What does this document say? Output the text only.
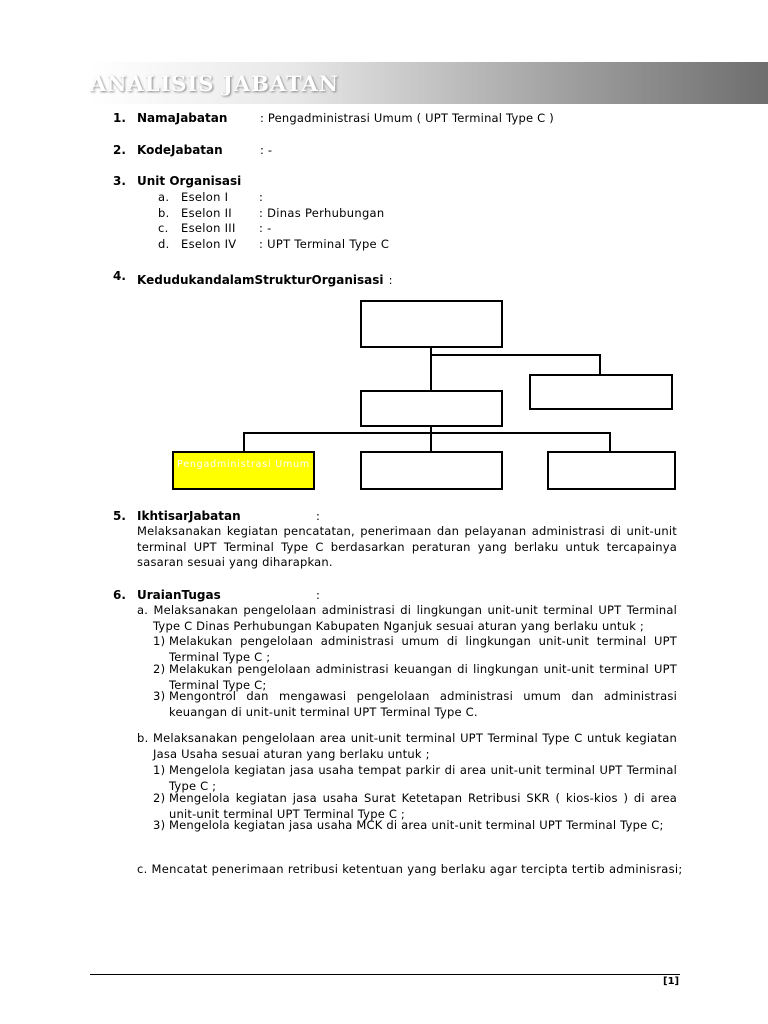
ANALISIS JABATAN
1. NamaJabatan	: Pengadministrasi Umum ( UPT Terminal Type C )
2. KodeJabatan	: -
3. Unit Organisasi
a. Eselon I	:
b. Eselon II : Dinas Perhubungan
c. Eselon III : -
d. Eselon IV : UPT Terminal Type C
4. KedudukandalamStrukturOrganisasi :
Pengadministrasi Umum
5. IkhtisarJabatan	:
Melaksanakan kegiatan pencatatan, penerimaan dan pelayanan administrasi di unit-unit terminal UPT Terminal Type C berdasarkan peraturan yang berlaku untuk tercapainya sasaran sesuai yang diharapkan.
6. UraianTugas	:
a. Melaksanakan pengelolaan administrasi di lingkungan unit-unit terminal UPT Terminal Type C Dinas Perhubungan Kabupaten Nganjuk sesuai aturan yang berlaku untuk ;
1) Melakukan pengelolaan administrasi umum di lingkungan unit-unit terminal UPT Terminal Type C ;
2) Melakukan pengelolaan administrasi keuangan di lingkungan unit-unit terminal UPT Terminal Type C;
3) Mengontrol dan mengawasi pengelolaan administrasi umum dan administrasi keuangan di unit-unit terminal UPT Terminal Type C.
b. Melaksanakan pengelolaan area unit-unit terminal UPT Terminal Type C untuk kegiatan Jasa Usaha sesuai aturan yang berlaku untuk ;
1) Mengelola kegiatan jasa usaha tempat parkir di area unit-unit terminal UPT Terminal Type C ;
2) Mengelola kegiatan jasa usaha Surat Ketetapan Retribusi SKR ( kios-kios ) di area unit-unit terminal UPT Terminal Type C ;
3) Mengelola kegiatan jasa usaha MCK di area unit-unit terminal UPT Terminal Type C;
c. Mencatat penerimaan retribusi ketentuan yang berlaku agar tercipta tertib adminisrasi;
[1]
